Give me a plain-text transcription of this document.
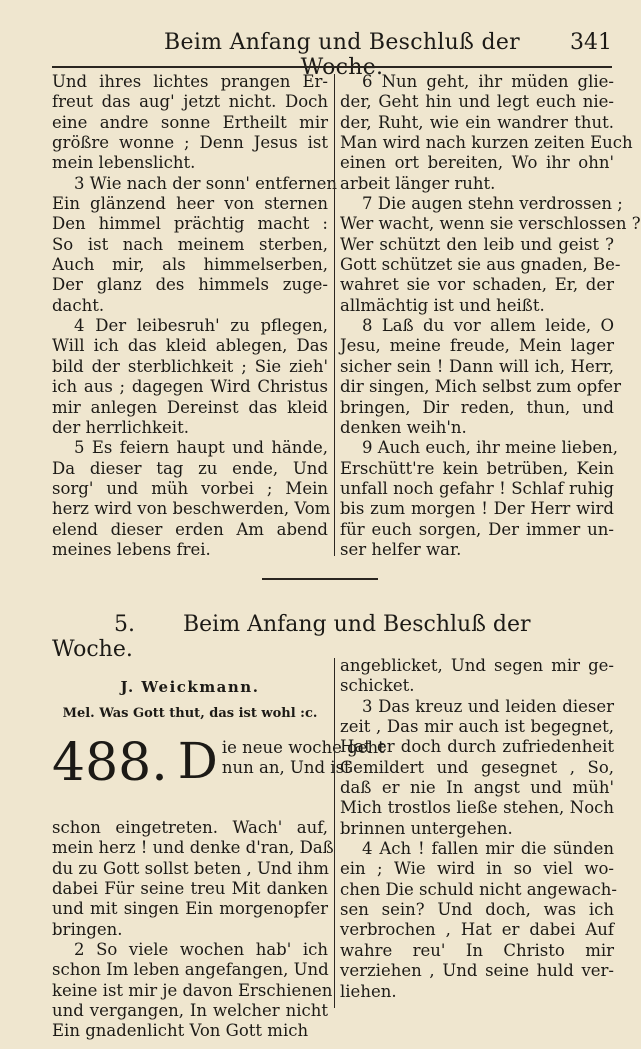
Beim Anfang und Beschluß der Woche.
341
Und ihres lichtes prangen Er-
freut das aug' jetzt nicht. Doch
eine andre sonne Ertheilt mir
größre wonne ; Denn Jesus ist
mein lebenslicht.
3 Wie nach der sonn' entfernen
Ein glänzend heer von sternen
Den himmel prächtig macht :
So ist nach meinem sterben,
Auch mir, als himmelserben,
Der glanz des himmels zuge-
dacht.
4 Der leibesruh' zu pflegen,
Will ich das kleid ablegen, Das
bild der sterblichkeit ; Sie zieh'
ich aus ; dagegen Wird Christus
mir anlegen Dereinst das kleid
der herrlichkeit.
5 Es feiern haupt und hände,
Da dieser tag zu ende, Und
sorg' und müh vorbei ; Mein
herz wird von beschwerden, Vom
elend dieser erden Am abend
meines lebens frei.
6 Nun geht, ihr müden glie-
der, Geht hin und legt euch nie-
der, Ruht, wie ein wandrer thut.
Man wird nach kurzen zeiten Euch
einen ort bereiten, Wo ihr ohn'
arbeit länger ruht.
7 Die augen stehn verdrossen ;
Wer wacht, wenn sie verschlossen ?
Wer schützt den leib und geist ?
Gott schützet sie aus gnaden, Be-
wahret sie vor schaden, Er, der
allmächtig ist und heißt.
8 Laß du vor allem leide, O
Jesu, meine freude, Mein lager
sicher sein ! Dann will ich, Herr,
dir singen, Mich selbst zum opfer
bringen, Dir reden, thun, und
denken weih'n.
9 Auch euch, ihr meine lieben,
Erschütt're kein betrüben, Kein
unfall noch gefahr ! Schlaf ruhig
bis zum morgen ! Der Herr wird
für euch sorgen, Der immer un-
ser helfer war.
5. Beim Anfang und Beschluß der Woche.
J. Weickmann.
Mel. Was Gott thut, das ist wohl :c.
488. D ie neue woche geht
nun an, Und ist
schon eingetreten. Wach' auf,
mein herz ! und denke d'ran, Daß
du zu Gott sollst beten , Und ihm
dabei Für seine treu Mit danken
und mit singen Ein morgenopfer
bringen.
2 So viele wochen hab' ich
schon Im leben angefangen, Und
keine ist mir je davon Erschienen
und vergangen, In welcher nicht
Ein gnadenlicht Von Gott mich
angeblicket, Und segen mir ge-
schicket.
3 Das kreuz und leiden dieser
zeit , Das mir auch ist begegnet,
Hat er doch durch zufriedenheit
Gemildert und gesegnet , So,
daß er nie In angst und müh'
Mich trostlos ließe stehen, Noch
brinnen untergehen.
4 Ach ! fallen mir die sünden
ein ; Wie wird in so viel wo-
chen Die schuld nicht angewach-
sen sein? Und doch, was ich
verbrochen , Hat er dabei Auf
wahre reu' In Christo mir
verziehen , Und seine huld ver-
liehen.
